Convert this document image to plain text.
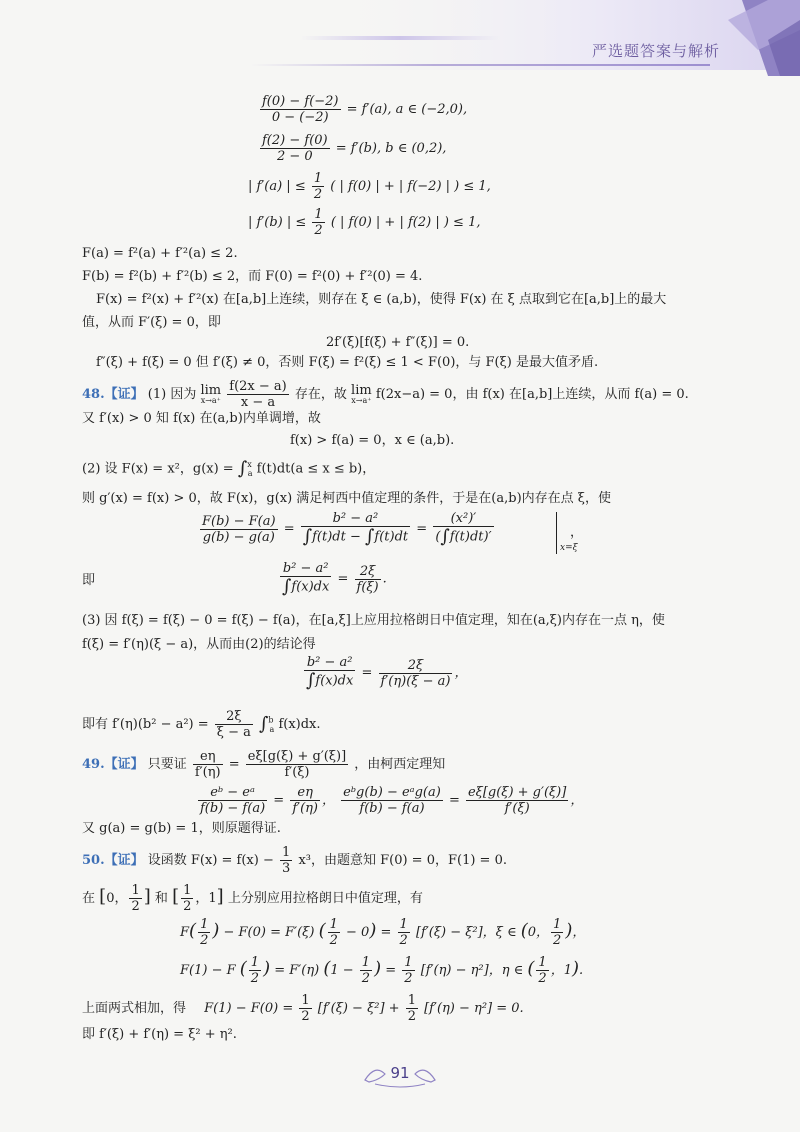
严选题答案与解析
$\frac{f(0) - f(-2)}{0 - (-2)} = f'(a)$, a ∈ (−2,0),
$\frac{f(2) - f(0)}{2 - 0} = f'(b)$, b ∈ (0,2),
| f′(a) | ≤ $\frac{1}{2}$ ( | f(0) | + | f(−2) | ) ≤ 1,
| f′(b) | ≤ $\frac{1}{2}$ ( | f(0) | + | f(2) | ) ≤ 1,
F(a) = f²(a) + f′²(a) ≤ 2.
F(b) = f²(b) + f′²(b) ≤ 2，而 F(0) = f²(0) + f′²(0) = 4.
F(x) = f²(x) + f′²(x) 在[a,b]上连续，则存在 ξ ∈ (a,b)，使得 F(x) 在 ξ 点取到它在[a,b]上的最大
值，从而 F′(ξ) = 0，即
2f′(ξ)[f(ξ) + f″(ξ)] = 0.
f″(ξ) + f(ξ) = 0 但 f′(ξ) ≠ 0，否则 F(ξ) = f²(ξ) ≤ 1 < F(0)，与 F(ξ) 是最大值矛盾.
48.【证】 (1) 因为 lim
x→a⁺
$\frac{f(2x - a)}{x - a}$ 存在，故 lim
x→a⁺ f(2x−a) = 0，由 f(x) 在[a,b]上连续，从而 f(a) = 0.
又 f′(x) > 0 知 f(x) 在(a,b)内单调增，故
f(x) > f(a) = 0，x ∈ (a,b).
(2) 设 F(x) = x²，g(x) = ∫$^x_a$ f(t)dt(a ≤ x ≤ b)，
则 g′(x) = f(x) > 0，故 F(x)，g(x) 满足柯西中值定理的条件，于是在(a,b)内存在点 ξ，使
$\frac{F(b) - F(a)}{g(b) - g(a)} = \frac{\text{b² − a²}}{\int f(t)dt - \int f(t)dt} = \frac{\text{(x²)′}}{(\int f(t)dt)'}$
x=ξ
，
即	$\frac{\text{b² − a²}}{\int f(x)dx} = \frac{2\xi}{f(\xi)}$ .
(3) 因 f(ξ) = f(ξ) − 0 = f(ξ) − f(a)，在[a,ξ]上应用拉格朗日中值定理，知在(a,ξ)内存在一点 η，使
f(ξ) = f′(η)(ξ − a)，从而由(2)的结论得
$\frac{\text{b² − a²}}{\int f(x)dx} = \frac{2\xi}{f'(\eta)(\xi - a)}$ ，
即有 $f'(\eta)(b^2 - a^2) = \frac{2\xi}{\xi - a} \int^b_a$ f(x)dx.
49.【证】 只要证 $\frac{e\eta}{f'(\eta)} = \frac{e\xi[g(\xi) + g'(\xi)]}{f'(\xi)}$ ，由柯西定理知
$\frac{\text{eᵇ − eᵃ}}{f(b) - f(a)} = \frac{e\eta}{f'(\eta)}$ ， $\frac{\text{eᵇg(b) − eᵃg(a)}}{f(b) - f(a)} = \frac{e\xi[g(\xi) + g'(\xi)]}{f'(\xi)}$ ，
又 g(a) = g(b) = 1，则原题得证.
50.【证】 设函数 $F(x) = f(x) - \frac{1}{3} x^3$，由题意知 F(0) = 0，F(1) = 0.
在 [0， $\frac{1}{2}$ ] 和 [ $\frac{1}{2}$ ，1] 上分别应用拉格朗日中值定理，有
$F( \frac{1}{2}$ ) − F(0) = F′(ξ) ( $\frac{1}{2} - 0) = \frac{1}{2} [f'(\xi) - \xi^2]$，ξ ∈ (0， $\frac{1}{2}$ )，
F(1) − F ( $\frac{1}{2}$ ) = F′(η) ($1 - \frac{1}{2}$ ) = $\frac{1}{2} [f'(\eta) - \eta^2]$，η ∈ ( $\frac{1}{2}$ ，1).
上面两式相加，得 $F(1) - F(0) = \frac{1}{2} [f'(\xi) - \xi^2] + \frac{1}{2} [f'(\eta) - \eta^2] = 0$.
即 f′(ξ) + f′(η) = ξ² + η².
91
